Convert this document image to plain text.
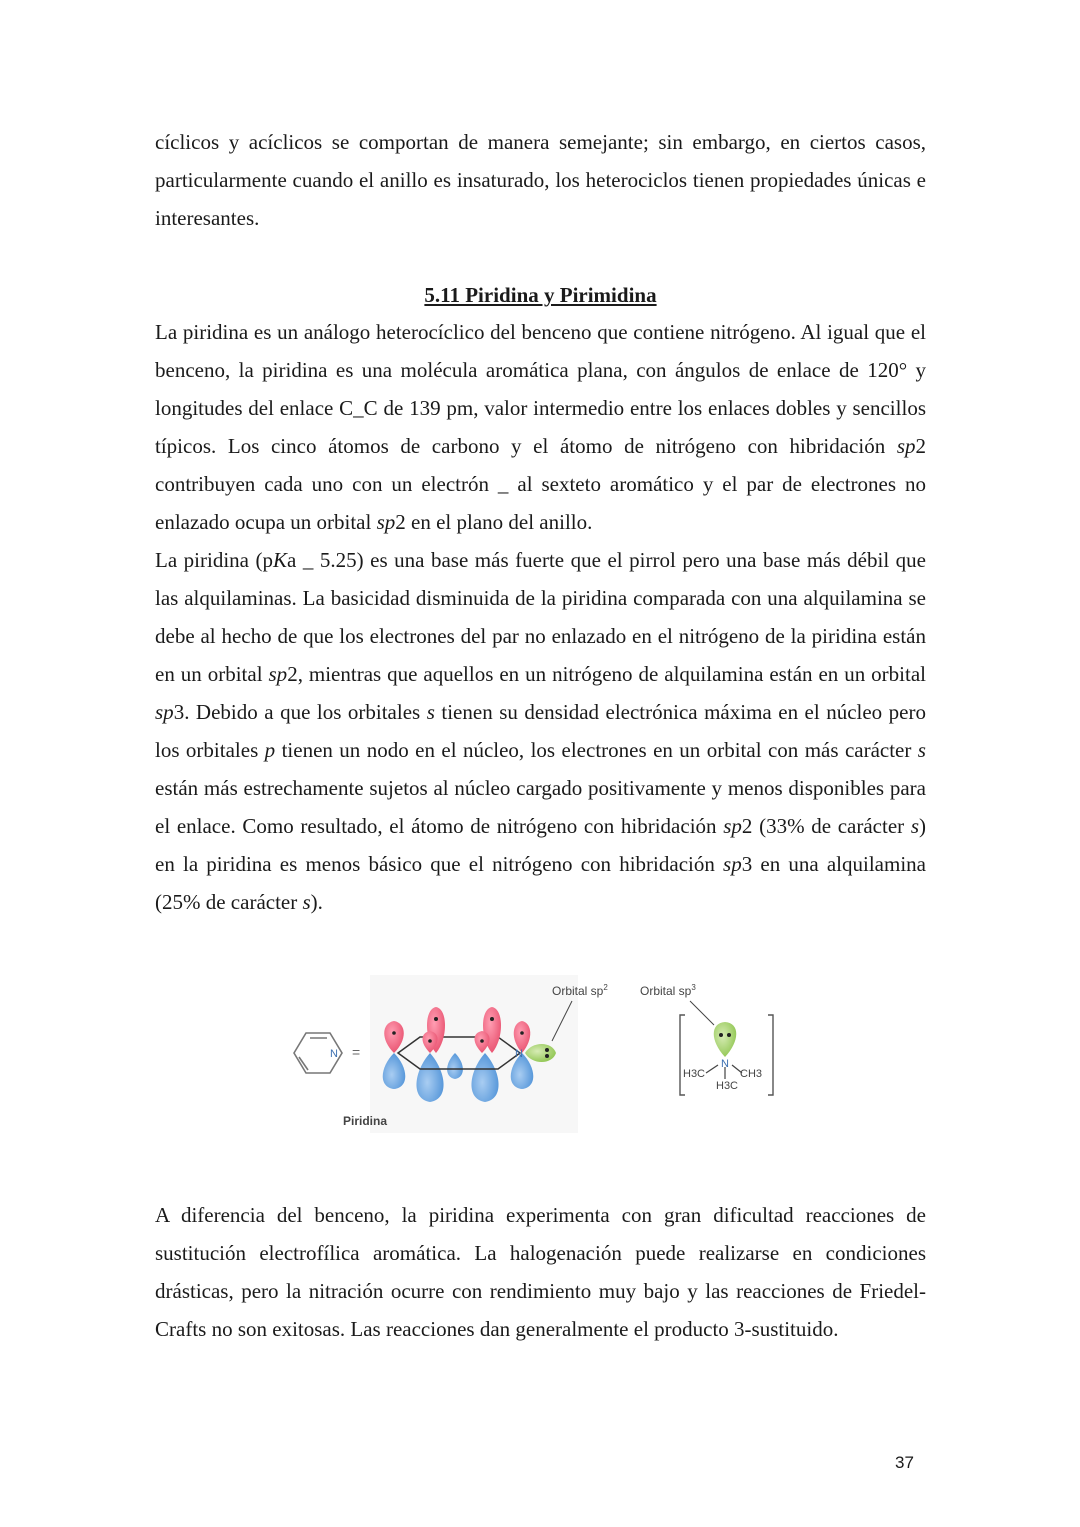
cíclicos y acíclicos se comportan de manera semejante; sin embargo, en ciertos casos, particularmente cuando el anillo es insaturado, los heterociclos tienen propiedades únicas e interesantes.

5.11 Piridina y Pirimidina

La piridina es un análogo heterocíclico del benceno que contiene nitrógeno. Al igual que el benceno, la piridina es una molécula aromática plana, con ángulos de enlace de 120° y longitudes del enlace C_C de 139 pm, valor intermedio entre los enlaces dobles y sencillos típicos. Los cinco átomos de carbono y el átomo de nitrógeno con hibridación sp2 contribuyen cada uno con un electrón _ al sexteto aromático y el par de electrones no enlazado ocupa un orbital sp2 en el plano del anillo.

La piridina (pKa _ 5.25) es una base más fuerte que el pirrol pero una base más débil que las alquilaminas. La basicidad disminuida de la piridina comparada con una alquilamina se debe al hecho de que los electrones del par no enlazado en el nitrógeno de la piridina están en un orbital sp2, mientras que aquellos en un nitrógeno de alquilamina están en un orbital sp3. Debido a que los orbitales s tienen su densidad electrónica máxima en el núcleo pero los orbitales p tienen un nodo en el núcleo, los electrones en un orbital con más carácter s están más estrechamente sujetos al núcleo cargado positivamente y menos disponibles para el enlace. Como resultado, el átomo de nitrógeno con hibridación sp2 (33% de carácter s) en la piridina es menos básico que el nitrógeno con hibridación sp3 en una alquilamina (25% de carácter s).

N =	N
Orbital $sp^2$	Orbital $sp^3$
N
H3C	CH3
H3C
Piridina

A diferencia del benceno, la piridina experimenta con gran dificultad reacciones de sustitución electrofílica aromática. La halogenación puede realizarse en condiciones drásticas, pero la nitración ocurre con rendimiento muy bajo y las reacciones de Friedel- Crafts no son exitosas. Las reacciones dan generalmente el producto 3-sustituido.

37
